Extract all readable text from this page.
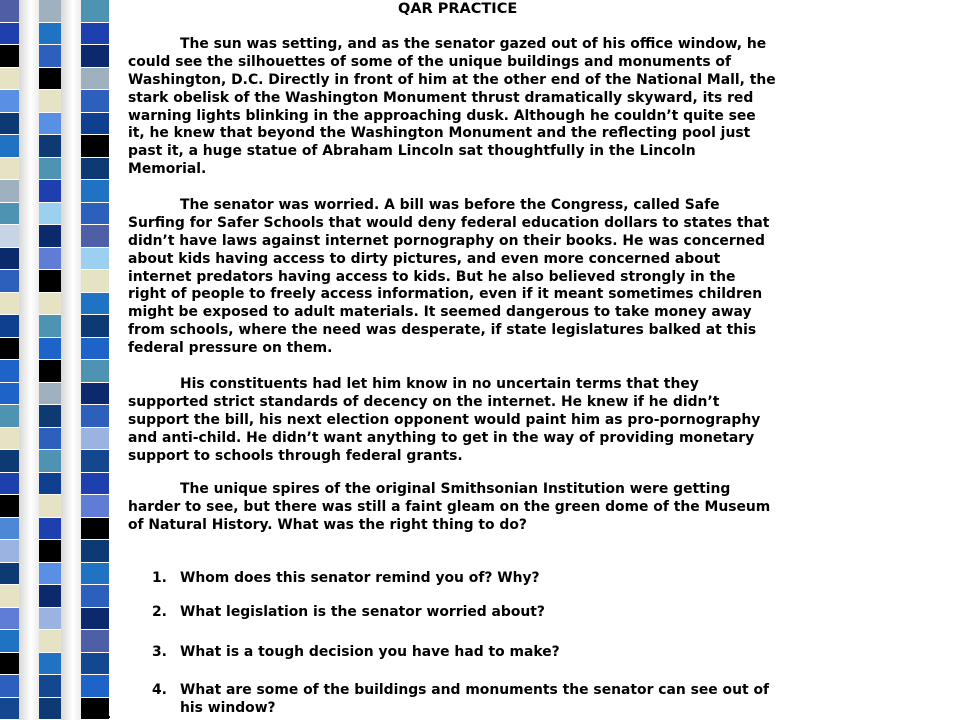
QAR PRACTICE
The sun was setting, and as the senator gazed out of his office window, he
could see the silhouettes of some of the unique buildings and monuments of
Washington, D.C. Directly in front of him at the other end of the National Mall, the
stark obelisk of the Washington Monument thrust dramatically skyward, its red
warning lights blinking in the approaching dusk. Although he couldn’t quite see
it, he knew that beyond the Washington Monument and the reflecting pool just
past it, a huge statue of Abraham Lincoln sat thoughtfully in the Lincoln
Memorial.
The senator was worried. A bill was before the Congress, called Safe
Surfing for Safer Schools that would deny federal education dollars to states that
didn’t have laws against internet pornography on their books. He was concerned
about kids having access to dirty pictures, and even more concerned about
internet predators having access to kids. But he also believed strongly in the
right of people to freely access information, even if it meant sometimes children
might be exposed to adult materials. It seemed dangerous to take money away
from schools, where the need was desperate, if state legislatures balked at this
federal pressure on them.
His constituents had let him know in no uncertain terms that they
supported strict standards of decency on the internet. He knew if he didn’t
support the bill, his next election opponent would paint him as pro-pornography
and anti-child. He didn’t want anything to get in the way of providing monetary
support to schools through federal grants.
The unique spires of the original Smithsonian Institution were getting
harder to see, but there was still a faint gleam on the green dome of the Museum
of Natural History. What was the right thing to do?
1. Whom does this senator remind you of? Why?
2. What legislation is the senator worried about?
3. What is a tough decision you have had to make?
4. What are some of the buildings and monuments the senator can see out of
his window?
